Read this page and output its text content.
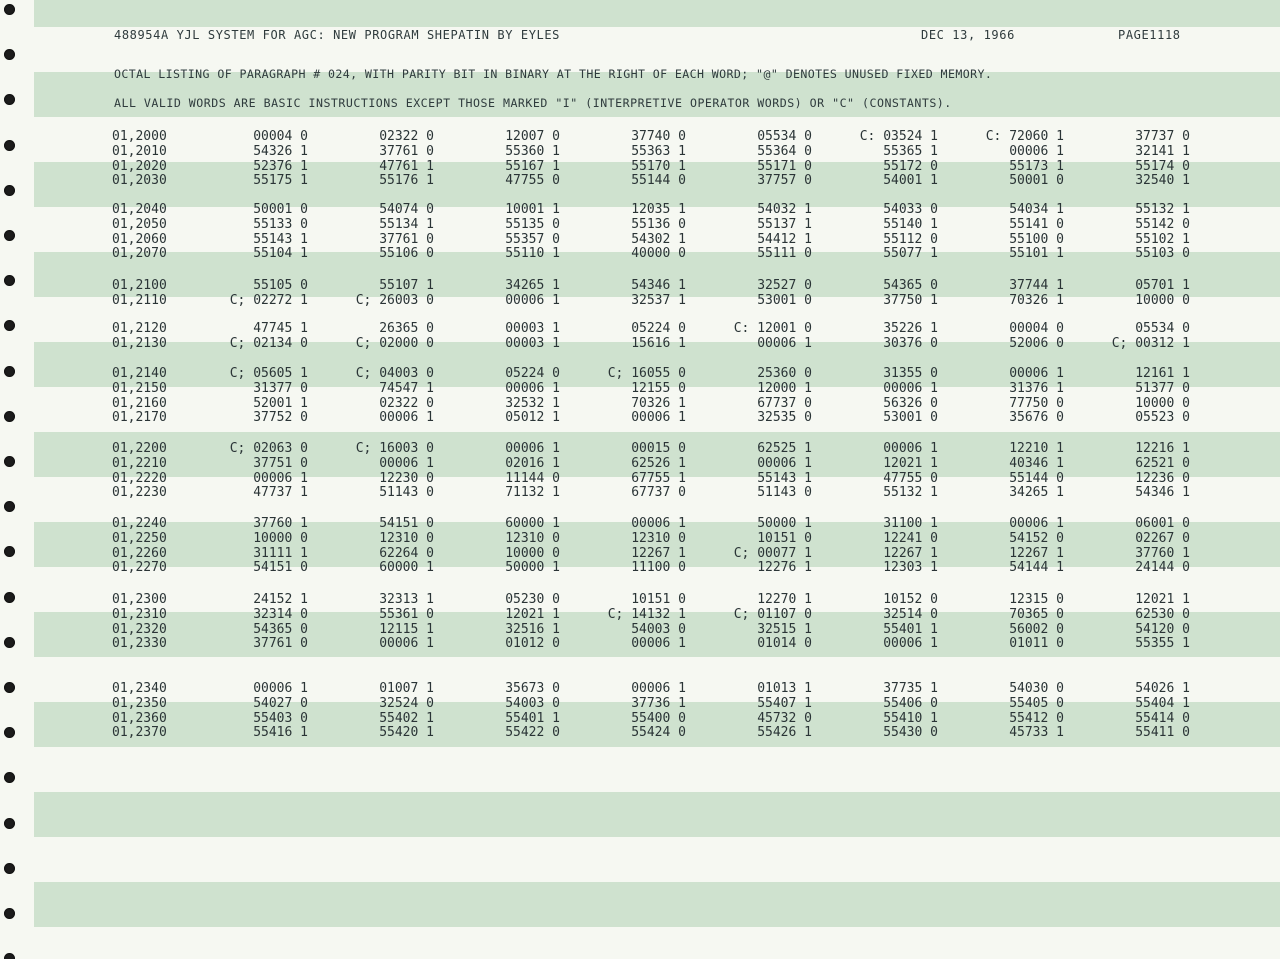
488954A YJL SYSTEM FOR AGC: NEW PROGRAM SHEPATIN BY EYLES	DEC 13, 1966	PAGE1118
OCTAL LISTING OF PARAGRAPH # 024, WITH PARITY BIT IN BINARY AT THE RIGHT OF EACH WORD; "@" DENOTES UNUSED FIXED MEMORY.
ALL VALID WORDS ARE BASIC INSTRUCTIONS EXCEPT THOSE MARKED "I" (INTERPRETIVE OPERATOR WORDS) OR "C" (CONSTANTS).
01,2000	00004 0	02322 0	12007 0	37740 0	05534 0	C: 03524 1	C: 72060 1	37737 0
01,2010	54326 1	37761 0	55360 1	55363 1	55364 0	55365 1	00006 1	32141 1
01,2020	52376 1	47761 1	55167 1	55170 1	55171 0	55172 0	55173 1	55174 0
01,2030	55175 1	55176 1	47755 0	55144 0	37757 0	54001 1	50001 0	32540 1
01,2040	50001 0	54074 0	10001 1	12035 1	54032 1	54033 0	54034 1	55132 1
01,2050	55133 0	55134 1	55135 0	55136 0	55137 1	55140 1	55141 0	55142 0
01,2060	55143 1	37761 0	55357 0	54302 1	54412 1	55112 0	55100 0	55102 1
01,2070	55104 1	55106 0	55110 1	40000 0	55111 0	55077 1	55101 1	55103 0
01,2100	55105 0	55107 1	34265 1	54346 1	32527 0	54365 0	37744 1	05701 1
01,2110	C; 02272 1	C; 26003 0	00006 1	32537 1	53001 0	37750 1	70326 1	10000 0
01,2120	47745 1	26365 0	00003 1	05224 0	C: 12001 0	35226 1	00004 0	05534 0
01,2130	C; 02134 0	C; 02000 0	00003 1	15616 1	00006 1	30376 0	52006 0	C; 00312 1
01,2140	C; 05605 1	C; 04003 0	05224 0	C; 16055 0	25360 0	31355 0	00006 1	12161 1
01,2150	31377 0	74547 1	00006 1	12155 0	12000 1	00006 1	31376 1	51377 0
01,2160	52001 1	02322 0	32532 1	70326 1	67737 0	56326 0	77750 0	10000 0
01,2170	37752 0	00006 1	05012 1	00006 1	32535 0	53001 0	35676 0	05523 0
01,2200	C; 02063 0	C; 16003 0	00006 1	00015 0	62525 1	00006 1	12210 1	12216 1
01,2210	37751 0	00006 1	02016 1	62526 1	00006 1	12021 1	40346 1	62521 0
01,2220	00006 1	12230 0	11144 0	67755 1	55143 1	47755 0	55144 0	12236 0
01,2230	47737 1	51143 0	71132 1	67737 0	51143 0	55132 1	34265 1	54346 1
01,2240	37760 1	54151 0	60000 1	00006 1	50000 1	31100 1	00006 1	06001 0
01,2250	10000 0	12310 0	12310 0	12310 0	10151 0	12241 0	54152 0	02267 0
01,2260	31111 1	62264 0	10000 0	12267 1	C; 00077 1	12267 1	12267 1	37760 1
01,2270	54151 0	60000 1	50000 1	11100 0	12276 1	12303 1	54144 1	24144 0
01,2300	24152 1	32313 1	05230 0	10151 0	12270 1	10152 0	12315 0	12021 1
01,2310	32314 0	55361 0	12021 1	C; 14132 1	C; 01107 0	32514 0	70365 0	62530 0
01,2320	54365 0	12115 1	32516 1	54003 0	32515 1	55401 1	56002 0	54120 0
01,2330	37761 0	00006 1	01012 0	00006 1	01014 0	00006 1	01011 0	55355 1
01,2340	00006 1	01007 1	35673 0	00006 1	01013 1	37735 1	54030 0	54026 1
01,2350	54027 0	32524 0	54003 0	37736 1	55407 1	55406 0	55405 0	55404 1
01,2360	55403 0	55402 1	55401 1	55400 0	45732 0	55410 1	55412 0	55414 0
01,2370	55416 1	55420 1	55422 0	55424 0	55426 1	55430 0	45733 1	55411 0
